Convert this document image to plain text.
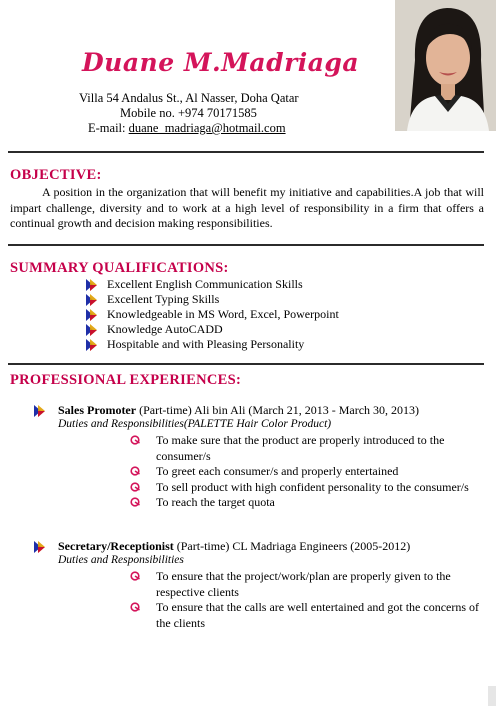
Duane M.Madriaga
Villa 54 Andalus St., Al Nasser, Doha Qatar
Mobile no. +974 70171585
E-mail: duane_madriaga@hotmail.com
OBJECTIVE:
A position in the organization that will benefit my initiative and capabilities.A job that will impart challenge, diversity and to work at a high level of responsibility in a firm that offers a continual growth and decision making responsibilities.
SUMMARY QUALIFICATIONS:
Excellent English Communication Skills
Excellent Typing Skills
Knowledgeable in MS Word, Excel, Powerpoint
Knowledge AutoCADD
Hospitable and with Pleasing Personality
PROFESSIONAL EXPERIENCES:
Sales Promoter (Part-time) Ali bin Ali (March 21, 2013 - March 30, 2013)
Duties and Responsibilities(PALETTE Hair Color Product)
To make sure that the product are properly introduced to the consumer/s
To greet each consumer/s and properly entertained
To sell product with high confident personality to the consumer/s
To reach the target quota
Secretary/Receptionist (Part-time) CL Madriaga Engineers (2005-2012)
Duties and Responsibilities
To ensure that the project/work/plan are properly given to the respective clients
To ensure that the calls are well entertained and got the concerns of the clients
